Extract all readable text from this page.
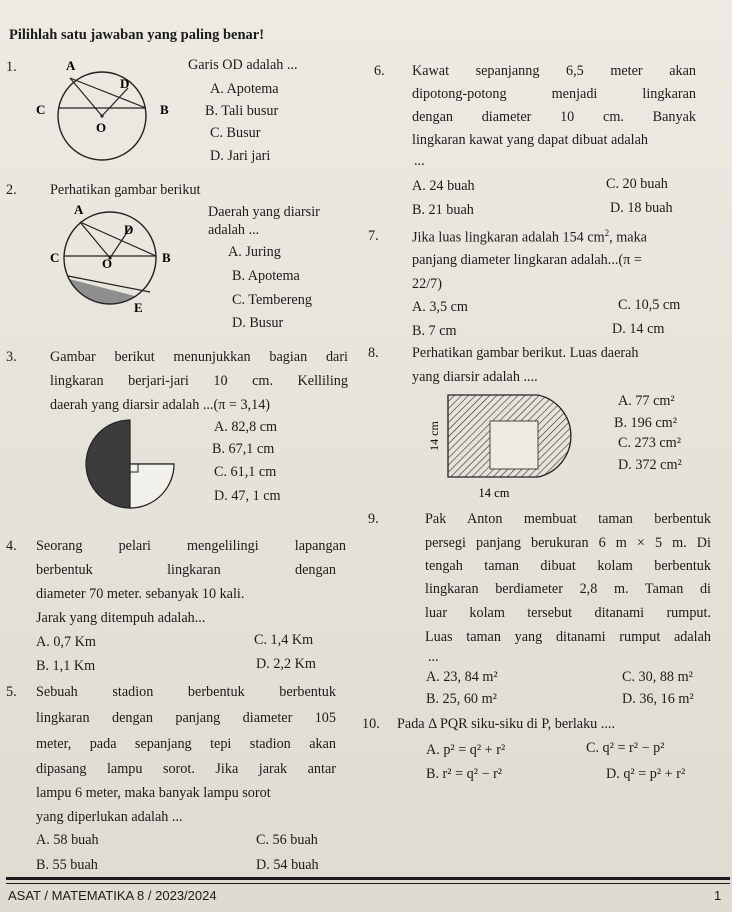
Pilihlah satu jawaban yang paling benar!
1.	A
D
C	B
O
Garis OD adalah ...
A. Apotema
B. Tali busur
C. Busur
D. Jari jari
2. Perhatikan gambar berikut
A
D
C	B
O
E
Daerah yang diarsir
adalah ...
A. Juring
B. Apotema
C. Tembereng
D. Busur
3. Gambar berikut menunjukkan bagian dari
lingkaran berjari-jari 10 cm. Kelliling
daerah yang diarsir adalah ...(π = 3,14)
A. 82,8 cm
B. 67,1 cm
C. 61,1 cm
D. 47, 1 cm
4. Seorang pelari mengelilingi lapangan
berbentuk lingkaran dengan
diameter 70 meter. sebanyak 10 kali.
Jarak yang ditempuh adalah...
A. 0,7 Km	C. 1,4 Km
B. 1,1 Km	D. 2,2 Km
5. Sebuah stadion berbentuk berbentuk
lingkaran dengan panjang diameter 105
meter, pada sepanjang tepi stadion akan
dipasang lampu sorot. Jika jarak antar
lampu 6 meter, maka banyak lampu sorot
yang diperlukan adalah ...
A. 58 buah	C. 56 buah
B. 55 buah	D. 54 buah
6. Kawat sepanjanng 6,5 meter akan
dipotong-potong menjadi lingkaran
dengan diameter 10 cm. Banyak
lingkaran kawat yang dapat dibuat adalah
...
A. 24 buah	C. 20 buah
B. 21 buah	D. 18 buah
7. Jika luas lingkaran adalah 154 $cm^2$, maka
panjang diameter lingkaran adalah...(π =
22/7)
A. 3,5 cm	C. 10,5 cm
B. 7 cm	D. 14 cm
8. Perhatikan gambar berikut. Luas daerah
yang diarsir adalah ....
14 cm
14 cm
A. 77 cm²
B. 196 cm²
C. 273 cm²
D. 372 cm²
9.	Pak Anton membuat taman berbentuk
persegi panjang berukuran 6 m × 5 m. Di
tengah taman dibuat kolam berbentuk
lingkaran berdiameter 2,8 m. Taman di
luar kolam tersebut ditanami rumput.
Luas taman yang ditanami rumput adalah
...
A. 23, 84 m²	C. 30, 88 m²
B. 25, 60 m²	D. 36, 16 m²
10. Pada Δ PQR siku-siku di P, berlaku ....
A. p² = q² + r²	C. q² = r² − p²
B. r² = q² − r²	D. q² = p² + r²
ASAT / MATEMATIKA 8 / 2023/2024	1
